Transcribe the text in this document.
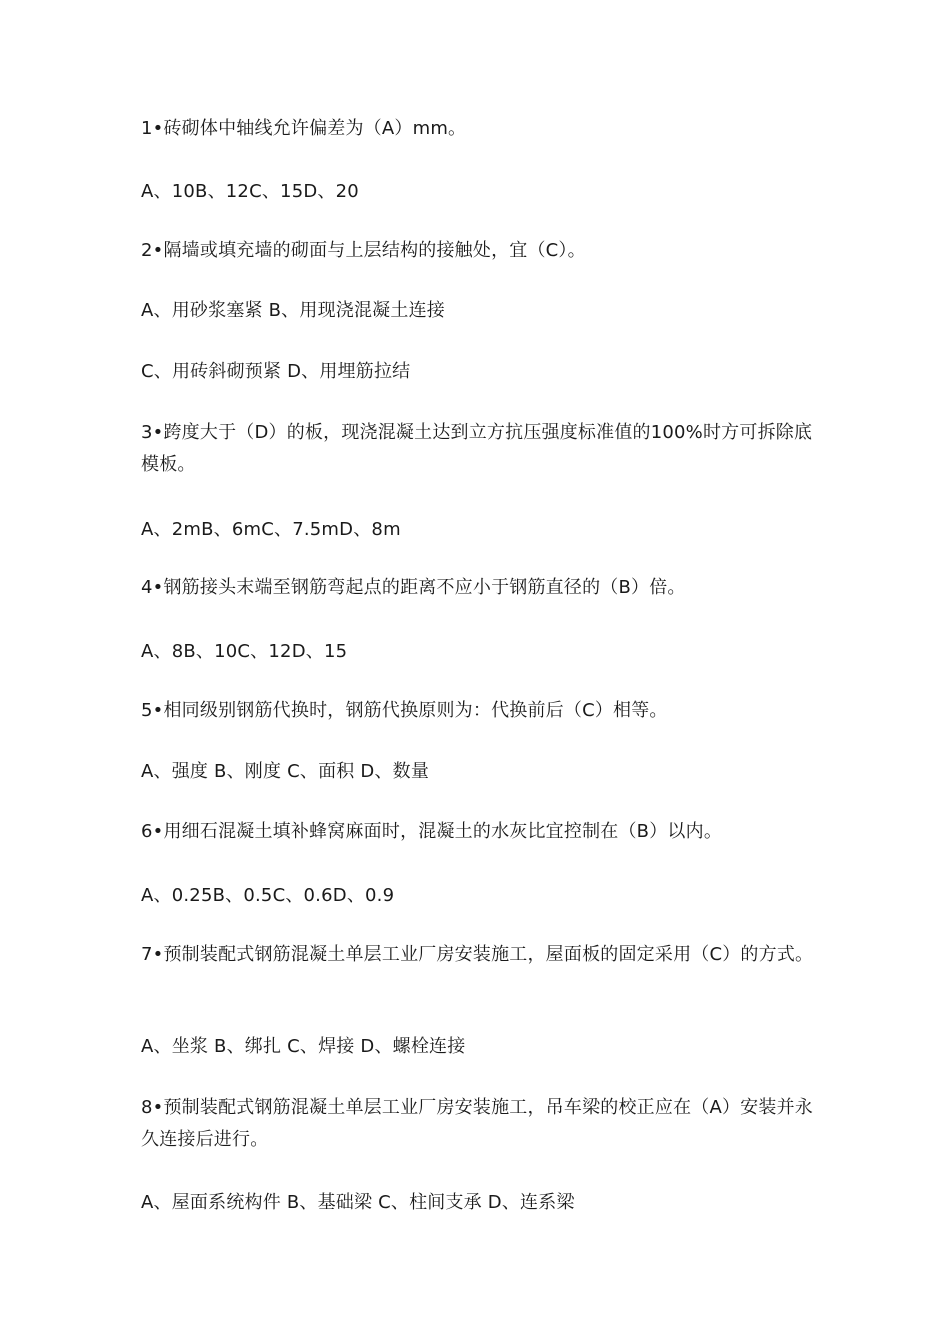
1•砖砌体中轴线允许偏差为（A）mm。
A、10B、12C、15D、20
2•隔墙或填充墙的砌面与上层结构的接触处，宜（C）。
A、用砂浆塞紧 B、用现浇混凝土连接
C、用砖斜砌预紧 D、用埋筋拉结
3•跨度大于（D）的板，现浇混凝土达到立方抗压强度标准值的100%时方可拆除底模板。
A、2mB、6mC、7.5mD、8m
4•钢筋接头末端至钢筋弯起点的距离不应小于钢筋直径的（B）倍。
A、8B、10C、12D、15
5•相同级别钢筋代换时，钢筋代换原则为：代换前后（C）相等。
A、强度 B、刚度 C、面积 D、数量
6•用细石混凝土填补蜂窝麻面时，混凝土的水灰比宜控制在（B）以内。
A、0.25B、0.5C、0.6D、0.9
7•预制装配式钢筋混凝土单层工业厂房安装施工，屋面板的固定采用（C）的方式。
A、坐浆 B、绑扎 C、焊接 D、螺栓连接
8•预制装配式钢筋混凝土单层工业厂房安装施工，吊车梁的校正应在（A）安装并永久连接后进行。
A、屋面系统构件 B、基础梁 C、柱间支承 D、连系梁
